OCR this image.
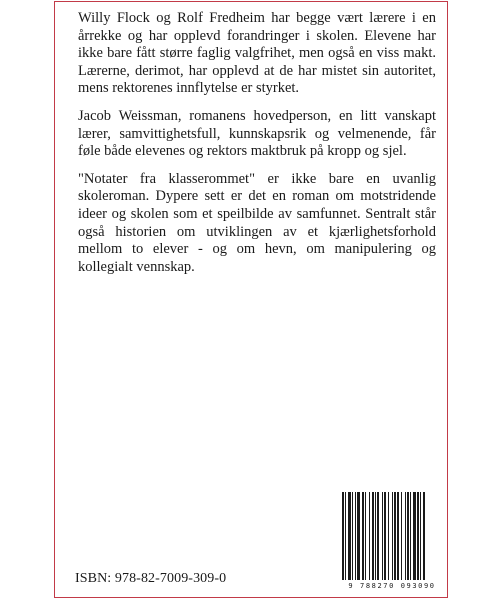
Willy Flock og Rolf Fredheim har begge vært lærere i en årrekke og har opplevd forandringer i skolen. Elevene har ikke bare fått større faglig valgfrihet, men også en viss makt. Lærerne, derimot, har opplevd at de har mistet sin autoritet, mens rektorenes innflytelse er styrket.

Jacob Weissman, romanens hovedperson, en litt vanskapt lærer, samvittighetsfull, kunnskapsrik og velmenende, får føle både elevenes og rektors maktbruk på kropp og sjel.

"Notater fra klasserommet" er ikke bare en uvanlig skoleroman. Dypere sett er det en roman om motstridende ideer og skolen som et speilbilde av samfunnet. Sentralt står også historien om utviklingen av et kjærlighetsforhold mellom to elever - og om hevn, om manipulering og kollegialt vennskap.

ISBN: 978-82-7009-309-0	9 788270 093090
